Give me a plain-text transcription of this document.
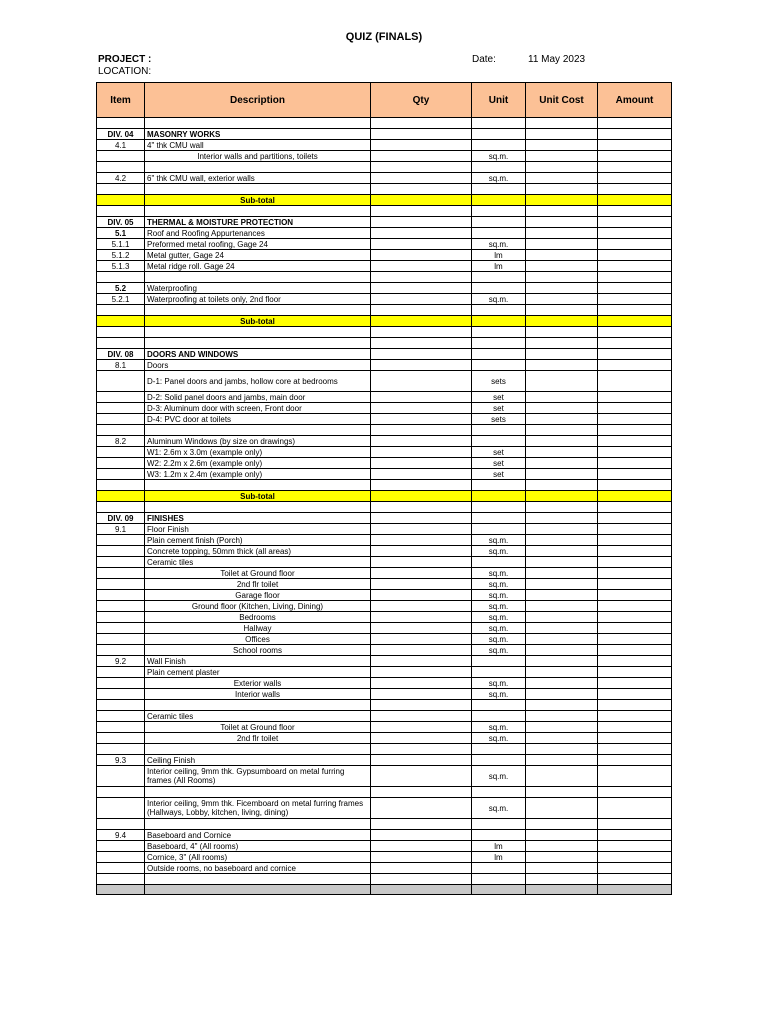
QUIZ (FINALS)
PROJECT :
LOCATION:
Date:	11 May 2023
Item	Description	Qty	Unit	Unit Cost	Amount

DIV. 04	MASONRY WORKS				
4.1	4" thk CMU wall				
	Interior walls and partitions, toilets		sq.m.		

4.2	6" thk CMU wall, exterior walls		sq.m.		

	Sub-total				

DIV. 05	THERMAL & MOISTURE PROTECTION				
5.1	Roof and Roofing Appurtenances				
5.1.1	Preformed metal roofing, Gage 24		sq.m.		
5.1.2	Metal gutter, Gage 24		lm		
5.1.3	Metal ridge roll. Gage 24		lm		

5.2	Waterproofing				
5.2.1	Waterproofing at toilets only, 2nd floor		sq.m.		

	Sub-total				

DIV. 08	DOORS AND WINDOWS				
8.1	Doors				
	D-1: Panel doors and jambs, hollow core at bedrooms		sets		
	D-2: Solid panel doors and jambs, main door		set		
	D-3: Aluminum door with screen, Front door		set		
	D-4: PVC door at toilets		sets		

8.2	Aluminum Windows (by size on drawings)				
	W1: 2.6m x 3.0m (example only)		set		
	W2: 2.2m x 2.6m (example only)		set		
	W3: 1.2m x 2.4m (example only)		set		

	Sub-total				

DIV. 09	FINISHES				
9.1	Floor Finish				
	Plain cement finish (Porch)		sq.m.		
	Concrete topping, 50mm thick (all areas)		sq.m.		
	Ceramic tiles				
	Toilet at Ground floor		sq.m.		
	2nd flr toilet		sq.m.		
	Garage floor		sq.m.		
	Ground floor (Kitchen, Living, Dining)		sq.m.		
	Bedrooms		sq.m.		
	Hallway		sq.m.		
	Offices		sq.m.		
	School rooms		sq.m.		
9.2	Wall Finish				
	Plain cement plaster				
	Exterior walls		sq.m.		
	Interior walls		sq.m.		

	Ceramic tiles				
	Toilet at Ground floor		sq.m.		
	2nd flr toilet		sq.m.		

9.3	Ceiling Finish				
	Interior ceiling, 9mm thk. Gypsumboard on metal furring frames (All Rooms)		sq.m.		

	Interior ceiling, 9mm thk. Ficemboard on metal furring frames (Hallways, Lobby, kitchen, living, dining)		sq.m.		

9.4	Baseboard and Cornice				
	Baseboard, 4" (All rooms)		lm		
	Cornice, 3" (All rooms)		lm		
	Outside rooms, no baseboard and cornice				
